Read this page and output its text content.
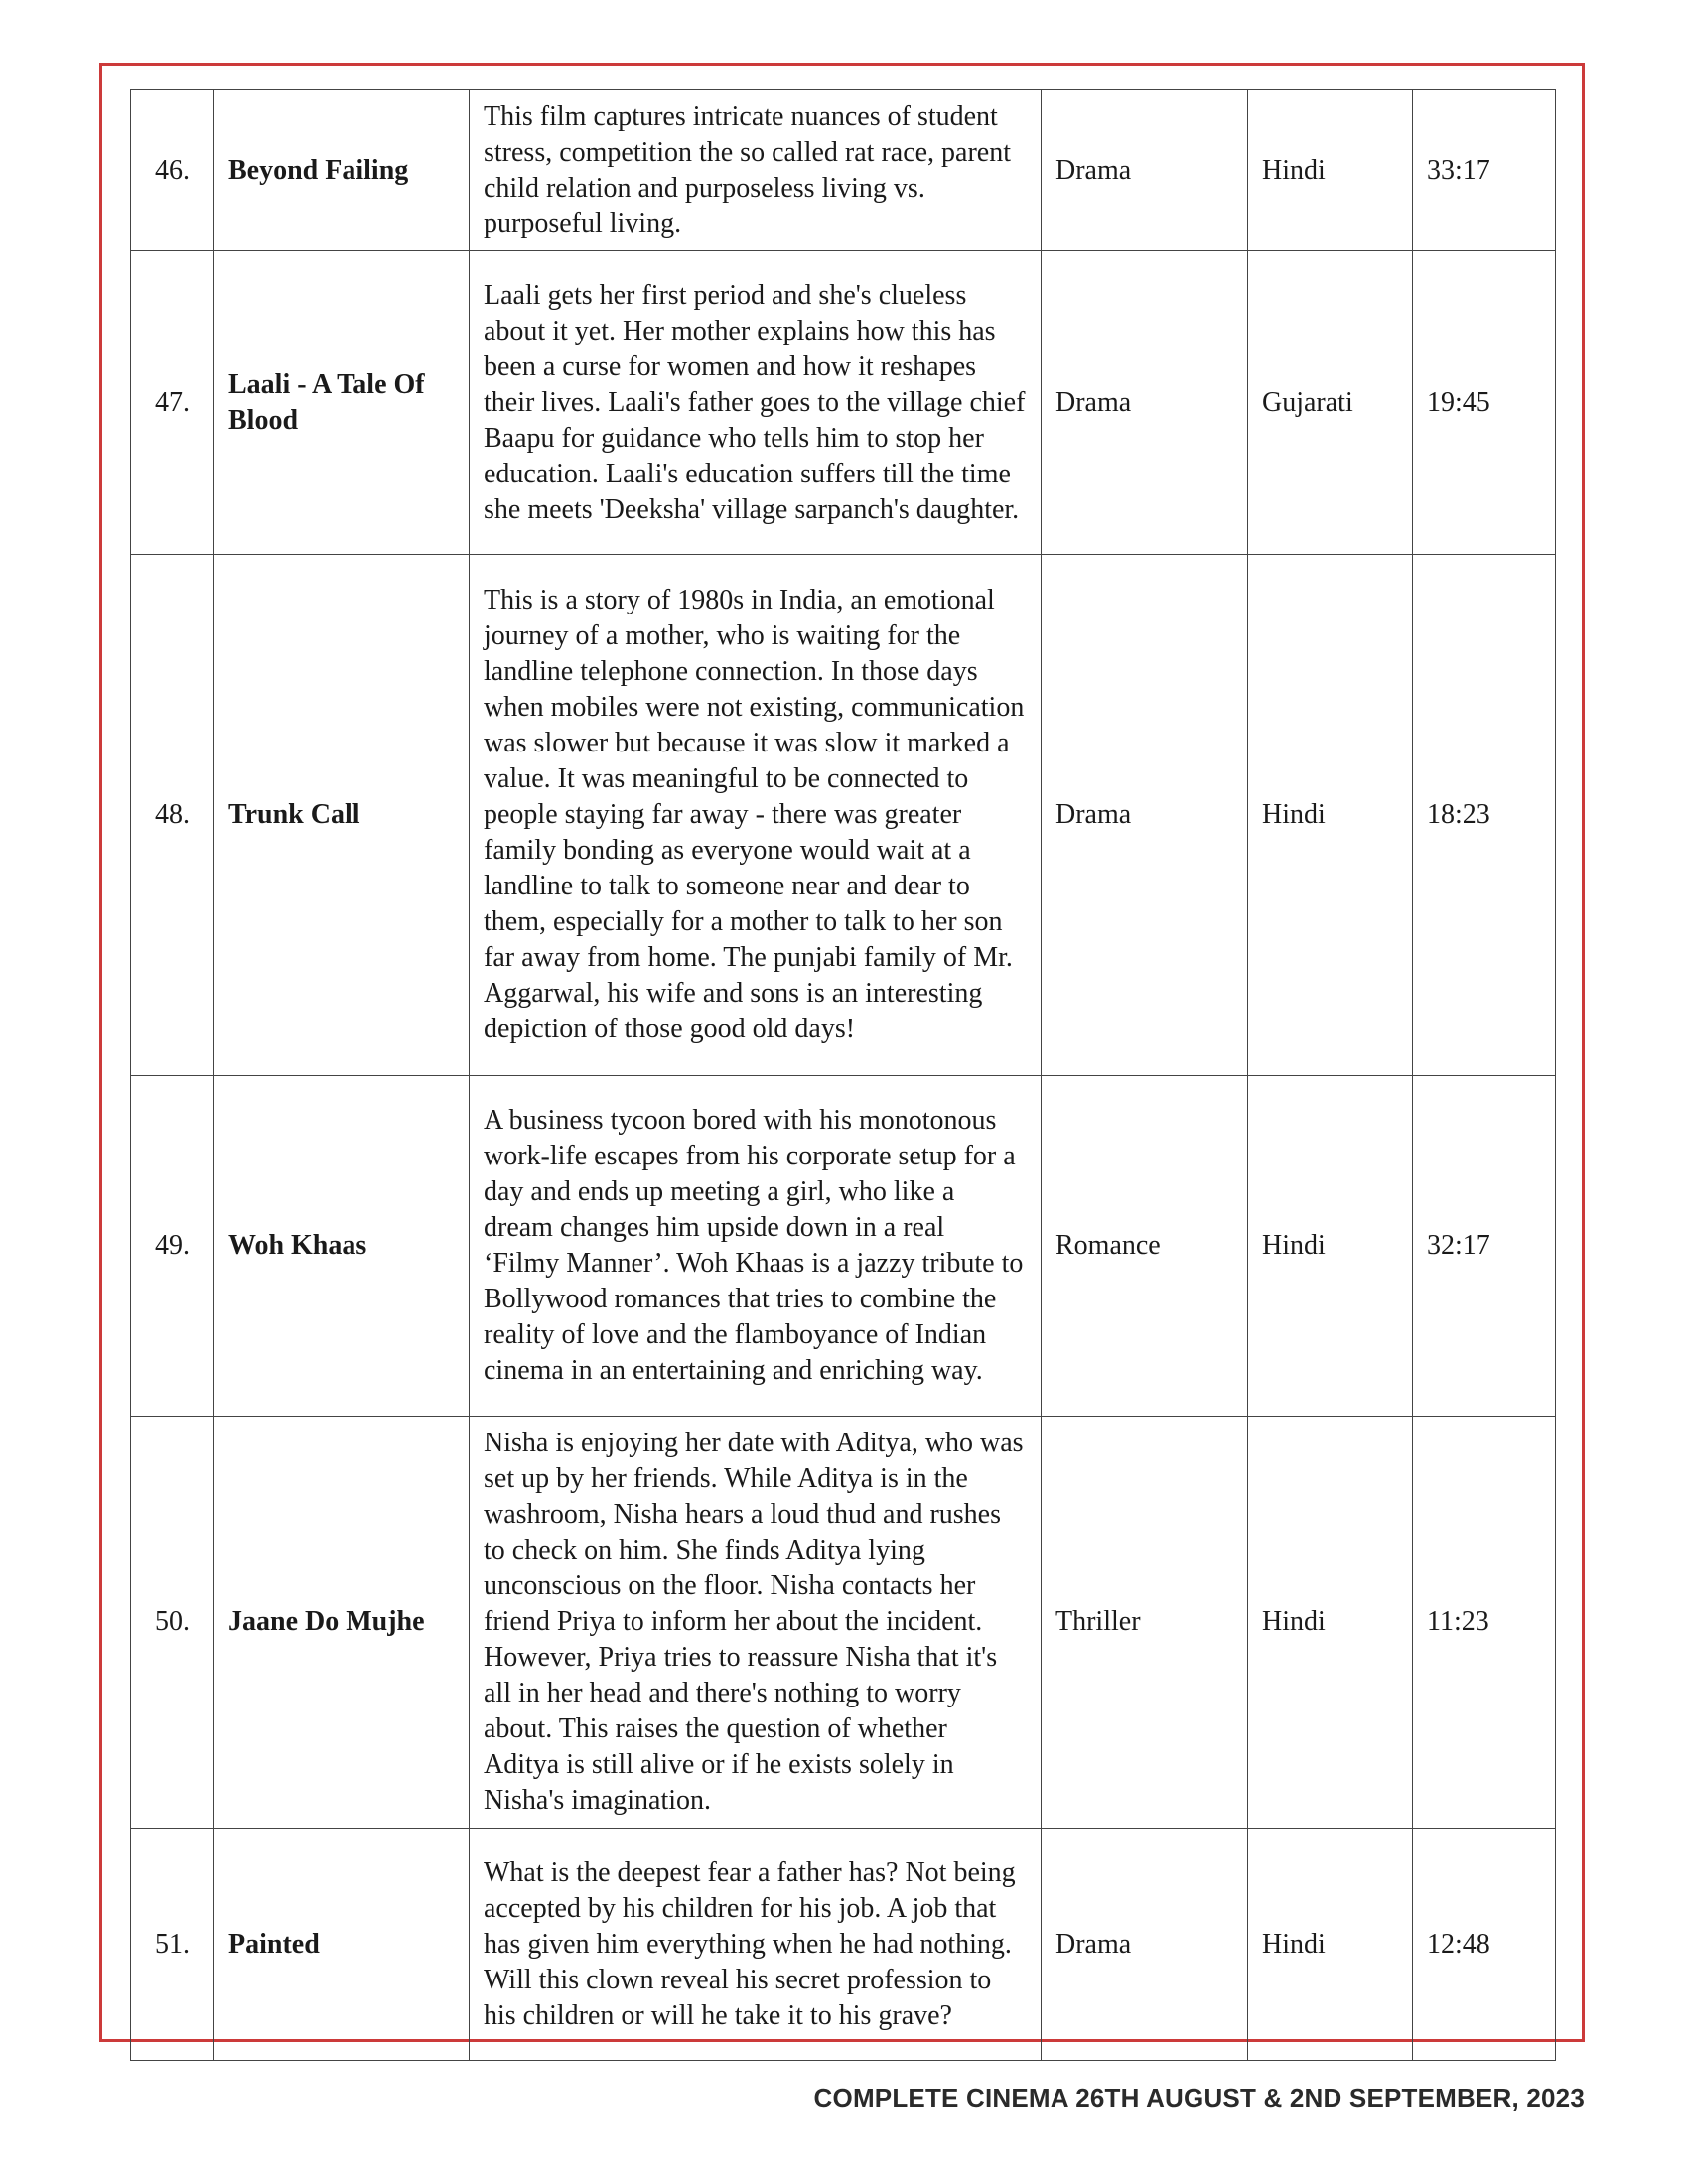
46.	Beyond Failing	This film captures intricate nuances of student stress, competition the so called rat race, parent child relation and purposeless living vs. purposeful living.	Drama	Hindi	33:17
47.	Laali - A Tale Of Blood	Laali gets her first period and she's clueless about it yet. Her mother explains how this has been a curse for women and how it reshapes their lives. Laali's father goes to the village chief Baapu for guidance who tells him to stop her education. Laali's education suffers till the time she meets 'Deeksha' village sarpanch's daughter.	Drama	Gujarati	19:45
48.	Trunk Call	This is a story of 1980s in India, an emotional journey of a mother, who is waiting for the landline telephone connection. In those days when mobiles were not existing, communication was slower but because it was slow it marked a value. It was meaningful to be connected to people staying far away - there was greater family bonding as everyone would wait at a landline to talk to someone near and dear to them, especially for a mother to talk to her son far away from home. The punjabi family of Mr. Aggarwal, his wife and sons is an interesting depiction of those good old days!	Drama	Hindi	18:23
49.	Woh Khaas	A business tycoon bored with his monotonous work-life escapes from his corporate setup for a day and ends up meeting a girl, who like a dream changes him upside down in a real ‘Filmy Manner’. Woh Khaas is a jazzy tribute to Bollywood romances that tries to combine the reality of love and the flamboyance of Indian cinema in an entertaining and enriching way.	Romance	Hindi	32:17
50.	Jaane Do Mujhe	Nisha is enjoying her date with Aditya, who was set up by her friends. While Aditya is in the washroom, Nisha hears a loud thud and rushes to check on him. She finds Aditya lying unconscious on the floor. Nisha contacts her friend Priya to inform her about the incident. However, Priya tries to reassure Nisha that it's all in her head and there's nothing to worry about. This raises the question of whether Aditya is still alive or if he exists solely in Nisha's imagination.	Thriller	Hindi	11:23
51.	Painted	What is the deepest fear a father has? Not being accepted by his children for his job. A job that has given him everything when he had nothing. Will this clown reveal his secret profession to his children or will he take it to his grave?	Drama	Hindi	12:48
COMPLETE CINEMA 26TH AUGUST & 2ND SEPTEMBER, 2023
